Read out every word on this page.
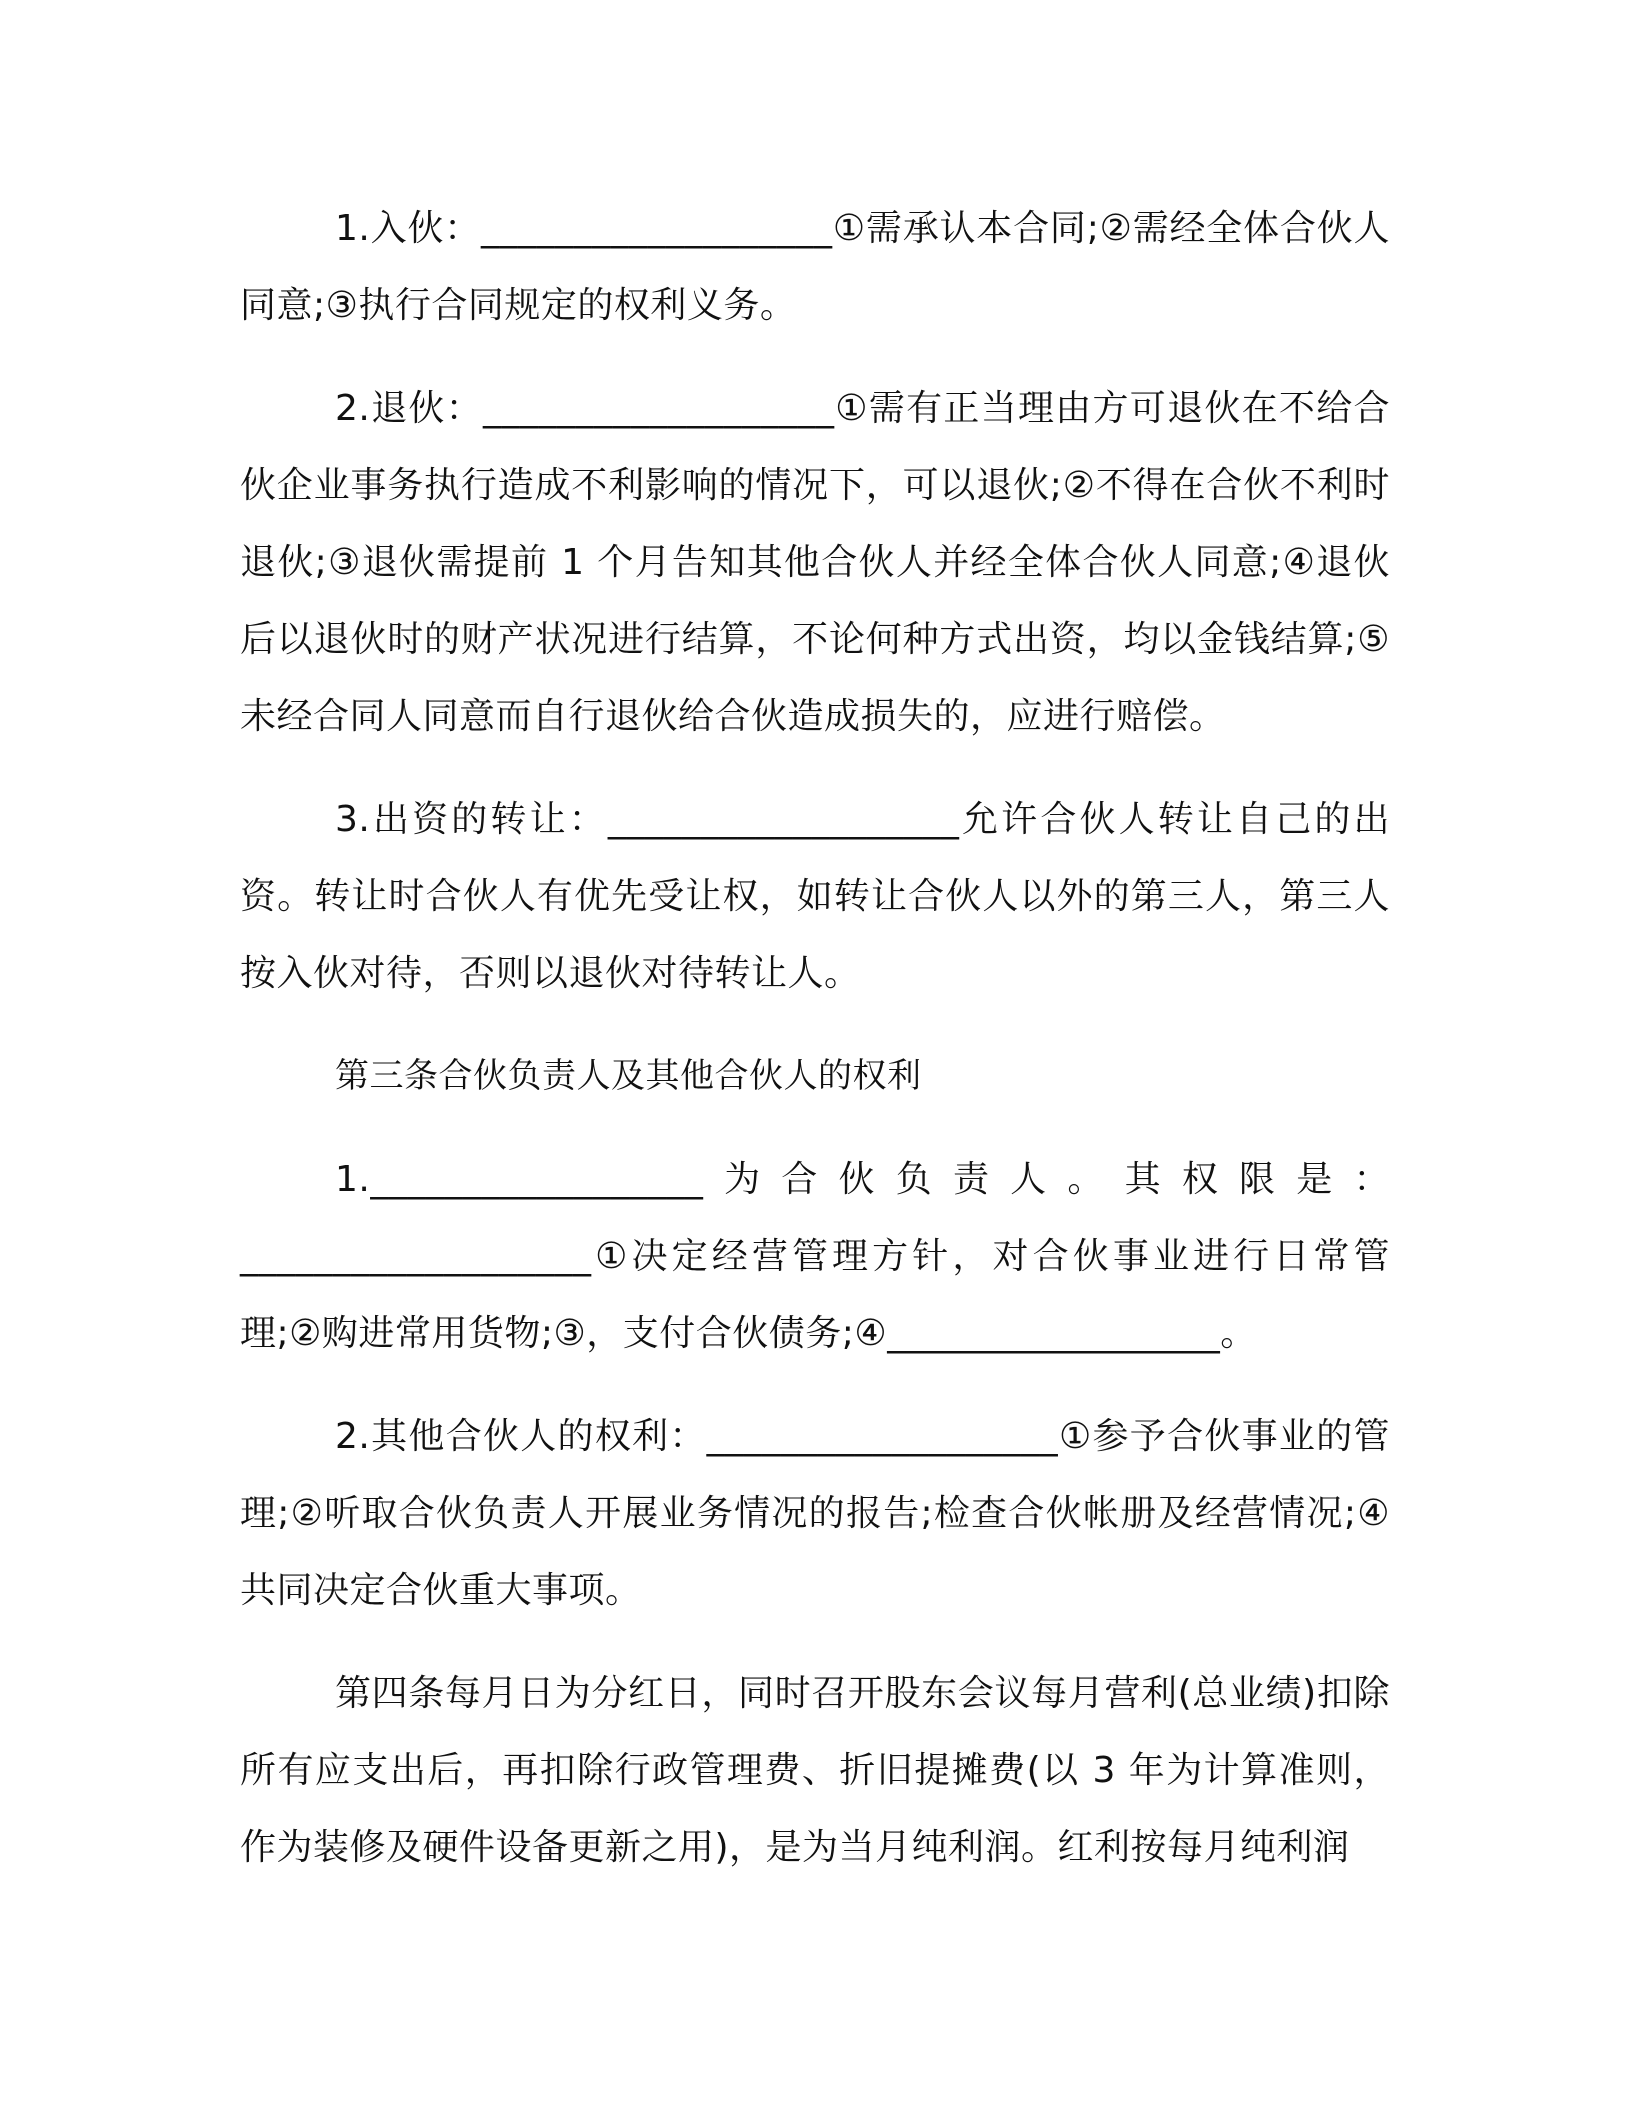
1.入伙：___________________①需承认本合同;②需经全体合伙人同意;③执行合同规定的权利义务。

2.退伙：___________________①需有正当理由方可退伙在不给合伙企业事务执行造成不利影响的情况下，可以退伙;②不得在合伙不利时退伙;③退伙需提前 1 个月告知其他合伙人并经全体合伙人同意;④退伙后以退伙时的财产状况进行结算，不论何种方式出资，均以金钱结算;⑤未经合同人同意而自行退伙给合伙造成损失的，应进行赔偿。

3.出资的转让：___________________允许合伙人转让自己的出资。转让时合伙人有优先受让权，如转让合伙人以外的第三人，第三人按入伙对待，否则以退伙对待转让人。

第三条合伙负责人及其他合伙人的权利

1.__________________为合伙负责人。其权限是：___________________①决定经营管理方针，对合伙事业进行日常管理;②购进常用货物;③，支付合伙债务;④__________________。

2.其他合伙人的权利：___________________①参予合伙事业的管理;②听取合伙负责人开展业务情况的报告;检查合伙帐册及经营情况;④共同决定合伙重大事项。

第四条每月日为分红日，同时召开股东会议每月营利(总业绩)扣除所有应支出后，再扣除行政管理费、折旧提摊费(以 3 年为计算准则，作为装修及硬件设备更新之用)，是为当月纯利润。红利按每月纯利润
